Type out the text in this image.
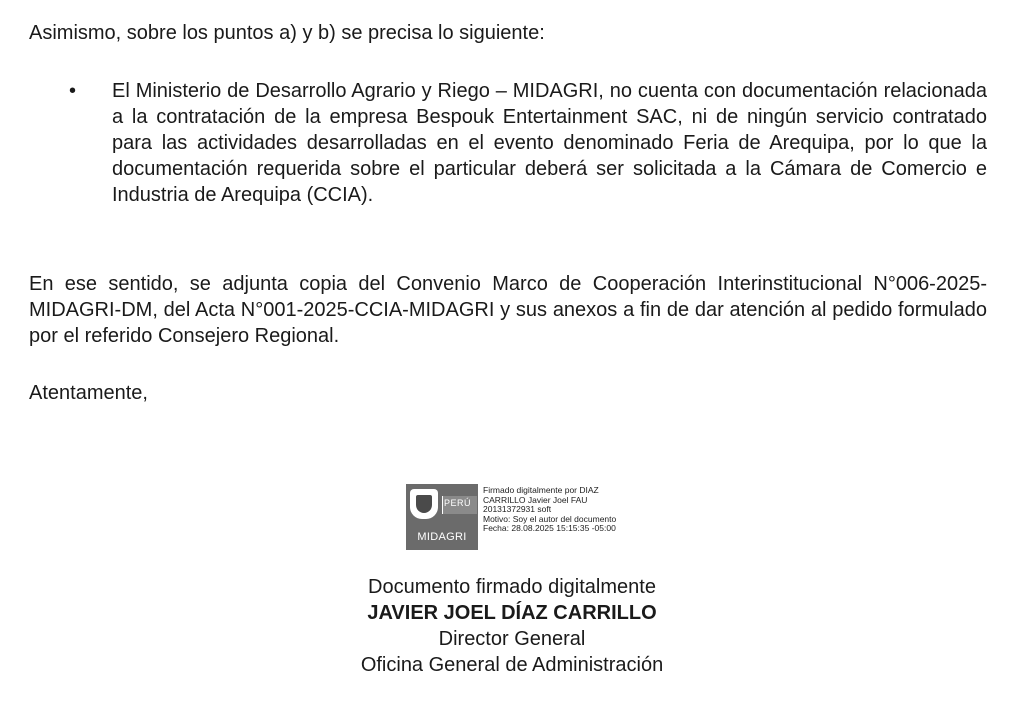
Asimismo, sobre los puntos a) y b) se precisa lo siguiente:

• El Ministerio de Desarrollo Agrario y Riego – MIDAGRI, no cuenta con documentación relacionada a la contratación de la empresa Bespouk Entertainment SAC, ni de ningún servicio contratado para las actividades desarrolladas en el evento denominado Feria de Arequipa, por lo que la documentación requerida sobre el particular deberá ser solicitada a la Cámara de Comercio e Industria de Arequipa (CCIA).

En ese sentido, se adjunta copia del Convenio Marco de Cooperación Interinstitucional N°006-2025-MIDAGRI-DM, del Acta N°001-2025-CCIA-MIDAGRI y sus anexos a fin de dar atención al pedido formulado por el referido Consejero Regional.

Atentamente,

PERÚ
MIDAGRI
Firmado digitalmente por DIAZ
CARRILLO Javier Joel FAU
20131372931 soft
Motivo: Soy el autor del documento
Fecha: 28.08.2025 15:15:35 -05:00
Documento firmado digitalmente
JAVIER JOEL DÍAZ CARRILLO
Director General
Oficina General de Administración
